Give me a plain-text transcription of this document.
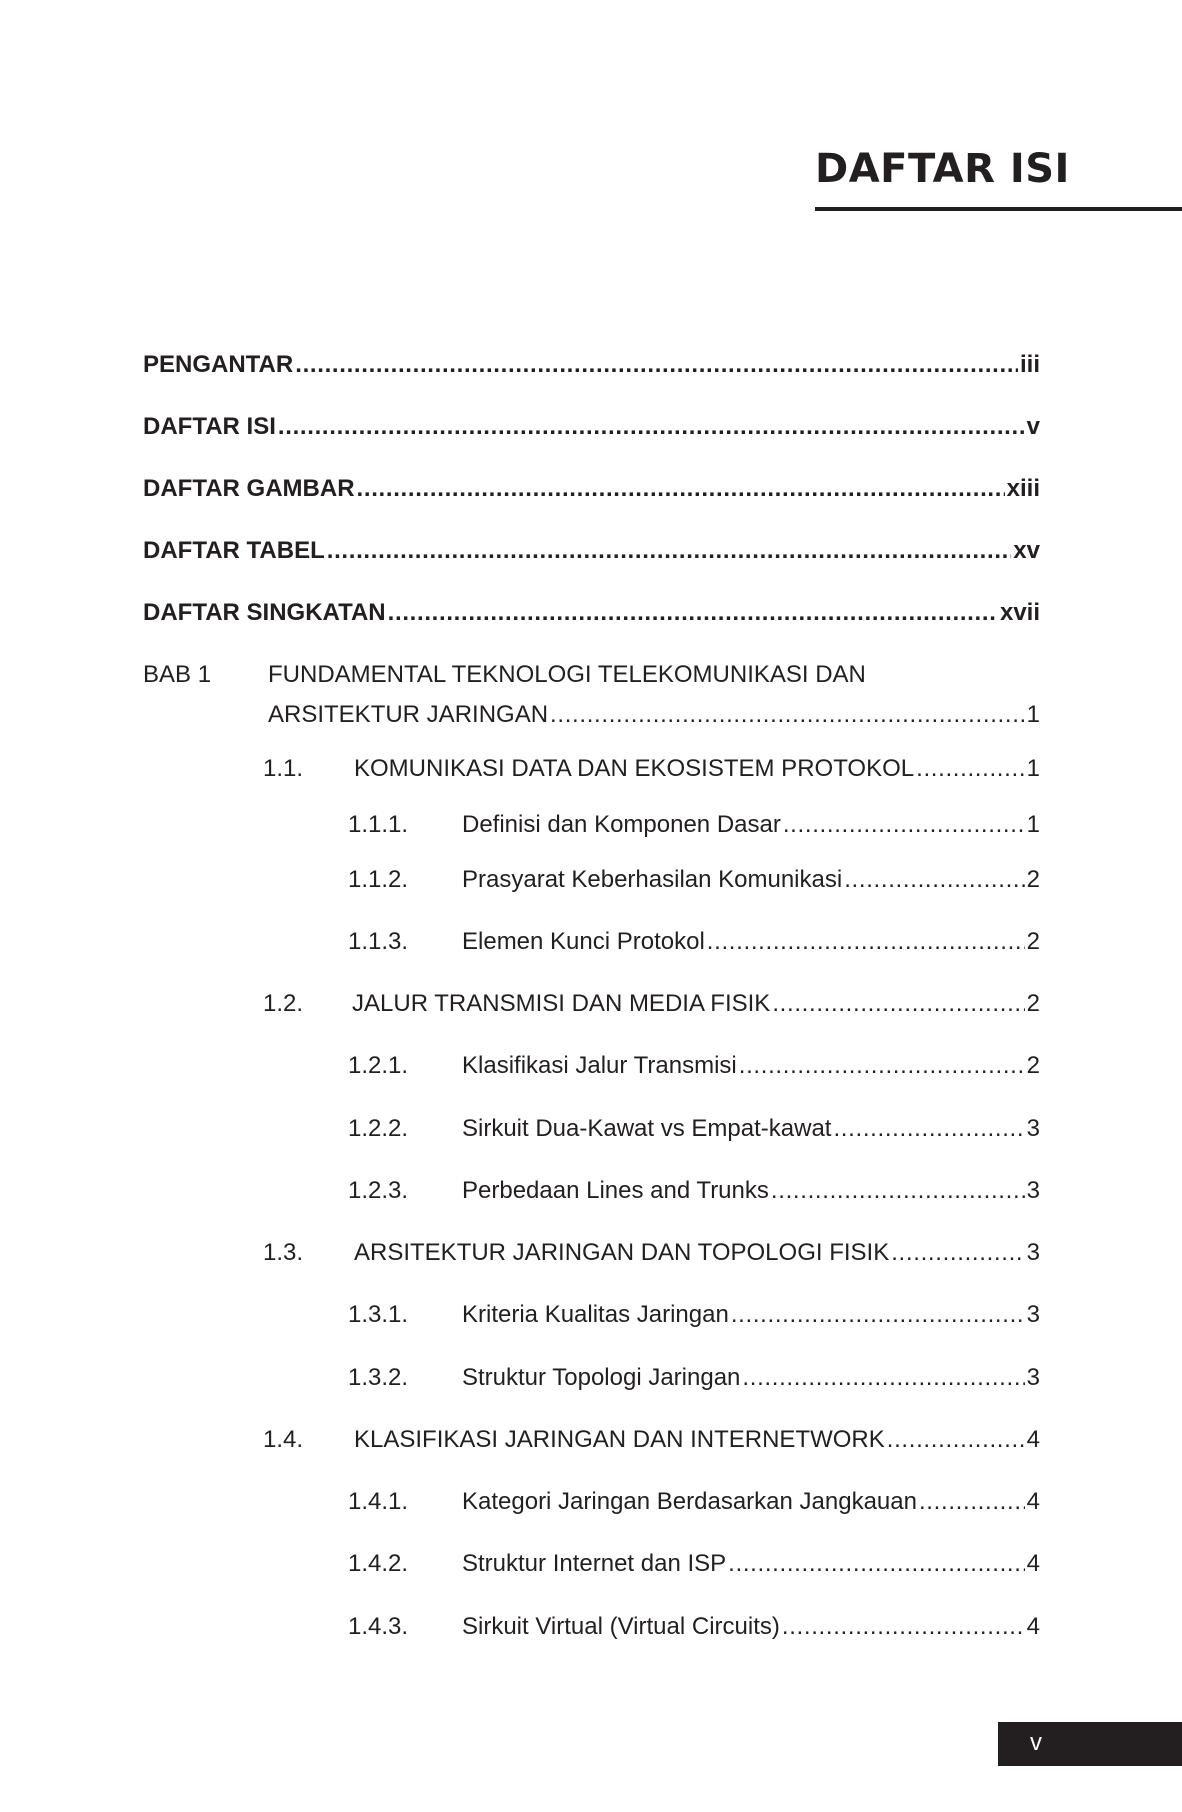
DAFTAR ISI
PENGANTAR . . .	iii
DAFTAR ISI . . .	v
DAFTAR GAMBAR . . .	xiii
DAFTAR TABEL . . .	xv
DAFTAR SINGKATAN . . .	xvii
BAB 1 FUNDAMENTAL TEKNOLOGI TELEKOMUNIKASI DAN
ARSITEKTUR JARINGAN . . .	1
1.1.	KOMUNIKASI DATA DAN EKOSISTEM PROTOKOL . . .	1
1.1.1.	Definisi dan Komponen Dasar . . .	1
1.1.2.	Prasyarat Keberhasilan Komunikasi . . .	2
1.1.3.	Elemen Kunci Protokol . . .	2
1.2.	JALUR TRANSMISI DAN MEDIA FISIK . . .	2
1.2.1.	Klasifikasi Jalur Transmisi . . .	2
1.2.2.	Sirkuit Dua-Kawat vs Empat-kawat . . .	3
1.2.3.	Perbedaan Lines and Trunks . . .	3
1.3.	ARSITEKTUR JARINGAN DAN TOPOLOGI FISIK . . .	3
1.3.1.	Kriteria Kualitas Jaringan . . .	3
1.3.2.	Struktur Topologi Jaringan . . .	3
1.4.	KLASIFIKASI JARINGAN DAN INTERNETWORK . . .	4
1.4.1.	Kategori Jaringan Berdasarkan Jangkauan . . .	4
1.4.2.	Struktur Internet dan ISP . . .	4
1.4.3.	Sirkuit Virtual (Virtual Circuits) . . .	4
v
